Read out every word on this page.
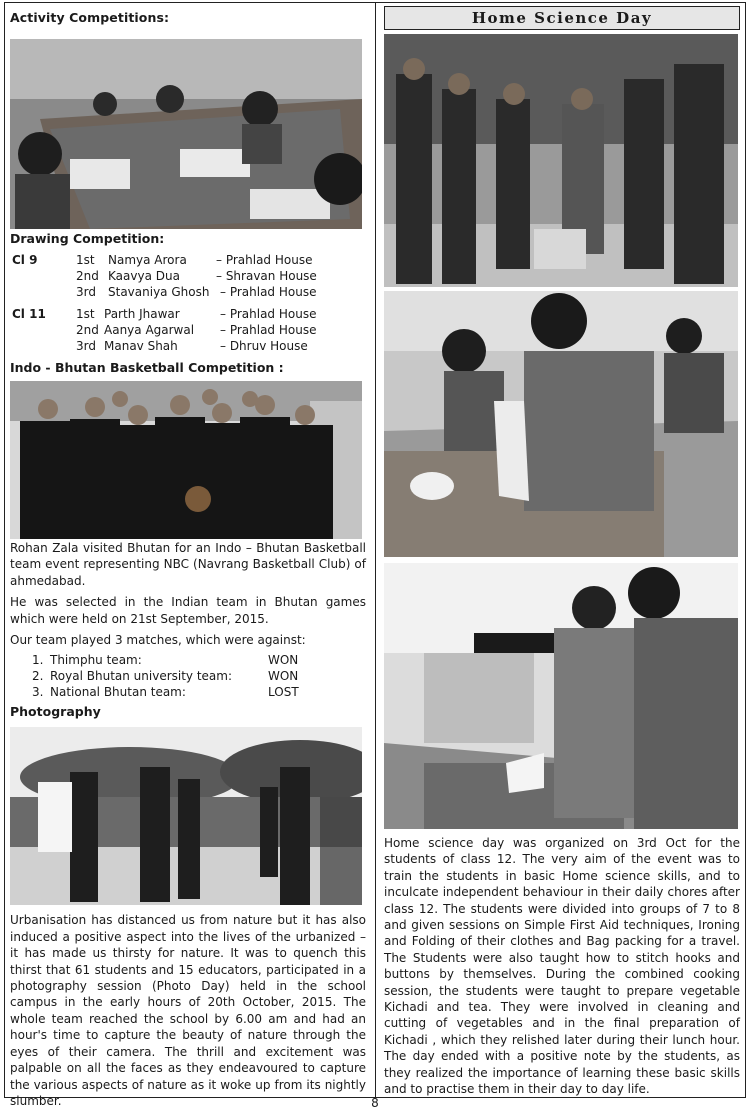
Activity Competitions:
Drawing Competition:
Cl 9	1st	Namya Arora	– Prahlad House
2nd Kaavya Dua	– Shravan House
3rd	Stavaniya Ghosh – Prahlad House
Cl 11	1st Parth Jhawar	– Prahlad House
2nd Aanya Agarwal	– Prahlad House
3rd Manav Shah	– Dhruv House
Indo - Bhutan Basketball Competition :
Rohan Zala visited Bhutan for an Indo – Bhutan Basketball team event representing NBC (Navrang Basketball Club) of ahmedabad.
He was selected in the Indian team in Bhutan games which were held on 21st September, 2015.
Our team played 3 matches, which were against:
1. Thimphu team:	WON
2. Royal Bhutan university team:	WON
3. National Bhutan team:	LOST
Photography
Urbanisation has distanced us from nature but it has also induced a positive aspect into the lives of the urbanized – it has made us thirsty for nature. It was to quench this thirst that 61 students and 15 educators, participated in a photography session (Photo Day) held in the school campus in the early hours of 20th October, 2015. The whole team reached the school by 6.00 am and had an hour's time to capture the beauty of nature through the eyes of their camera. The thrill and excitement was palpable on all the faces as they endeavoured to capture the various aspects of nature as it woke up from its nightly slumber.
Home Science Day
Home science day was organized on 3rd Oct for the students of class 12. The very aim of the event was to train the students in basic Home science skills, and to inculcate independent behaviour in their daily chores after class 12. The students were divided into groups of 7 to 8 and given sessions on Simple First Aid techniques, Ironing and Folding of their clothes and Bag packing for a travel. The Students were also taught how to stitch hooks and buttons by themselves. During the combined cooking session, the students were taught to prepare vegetable Kichadi and tea. They were involved in cleaning and cutting of vegetables and in the final preparation of Kichadi , which they relished later during their lunch hour. The day ended with a positive note by the students, as they realized the importance of learning these basic skills and to practise them in their day to day life.
8
